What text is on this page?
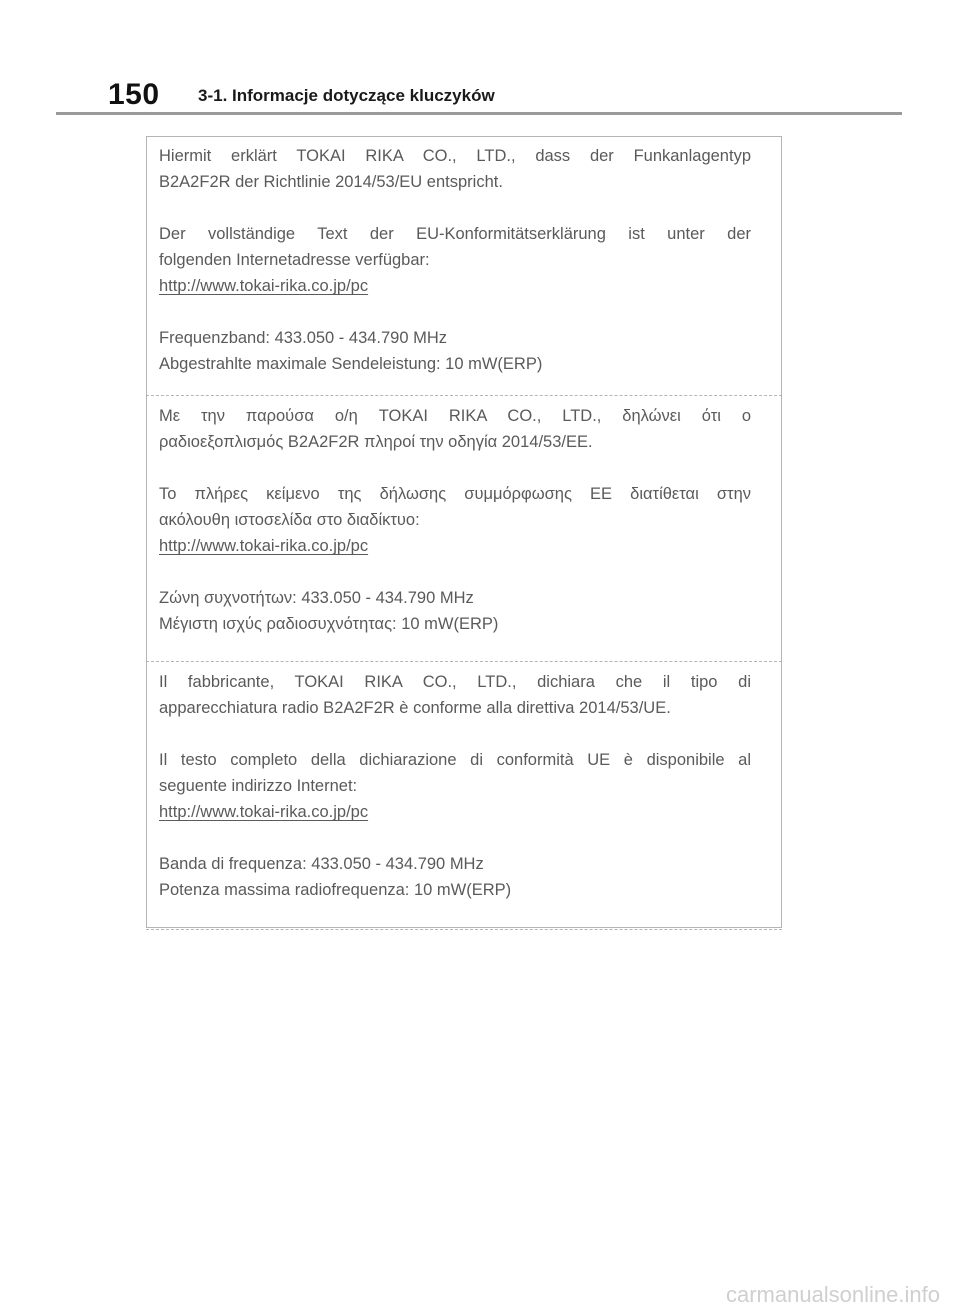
150 3-1. Informacje dotyczące kluczyków

Hiermit erklärt TOKAI RIKA CO., LTD., dass der Funkanlagentyp

B2A2F2R der Richtlinie 2014/53/EU entspricht.

Der vollständige Text der EU-Konformitätserklärung ist unter der

folgenden Internetadresse verfügbar:

http://www.tokai-rika.co.jp/pc

Frequenzband: 433.050 - 434.790 MHz

Abgestrahlte maximale Sendeleistung: 10 mW(ERP)

Με την παρούσα ο/η TOKAI RIKA CO., LTD., δηλώνει ότι ο

ραδιοεξοπλισμός B2A2F2R πληροί την οδηγία 2014/53/ΕΕ.

Το πλήρες κείμενο της δήλωσης συμμόρφωσης ΕΕ διατίθεται στην

ακόλουθη ιστοσελίδα στο διαδίκτυο:

http://www.tokai-rika.co.jp/pc

Ζώνη συχνοτήτων: 433.050 - 434.790 MHz

Μέγιστη ισχύς ραδιοσυχνότητας: 10 mW(ERP)

Il fabbricante, TOKAI RIKA CO., LTD., dichiara che il tipo di

apparecchiatura radio B2A2F2R è conforme alla direttiva 2014/53/UE.

Il testo completo della dichiarazione di conformità UE è disponibile al

seguente indirizzo Internet:

http://www.tokai-rika.co.jp/pc

Banda di frequenza: 433.050 - 434.790 MHz

Potenza massima radiofrequenza: 10 mW(ERP)

carmanualsonline.info
